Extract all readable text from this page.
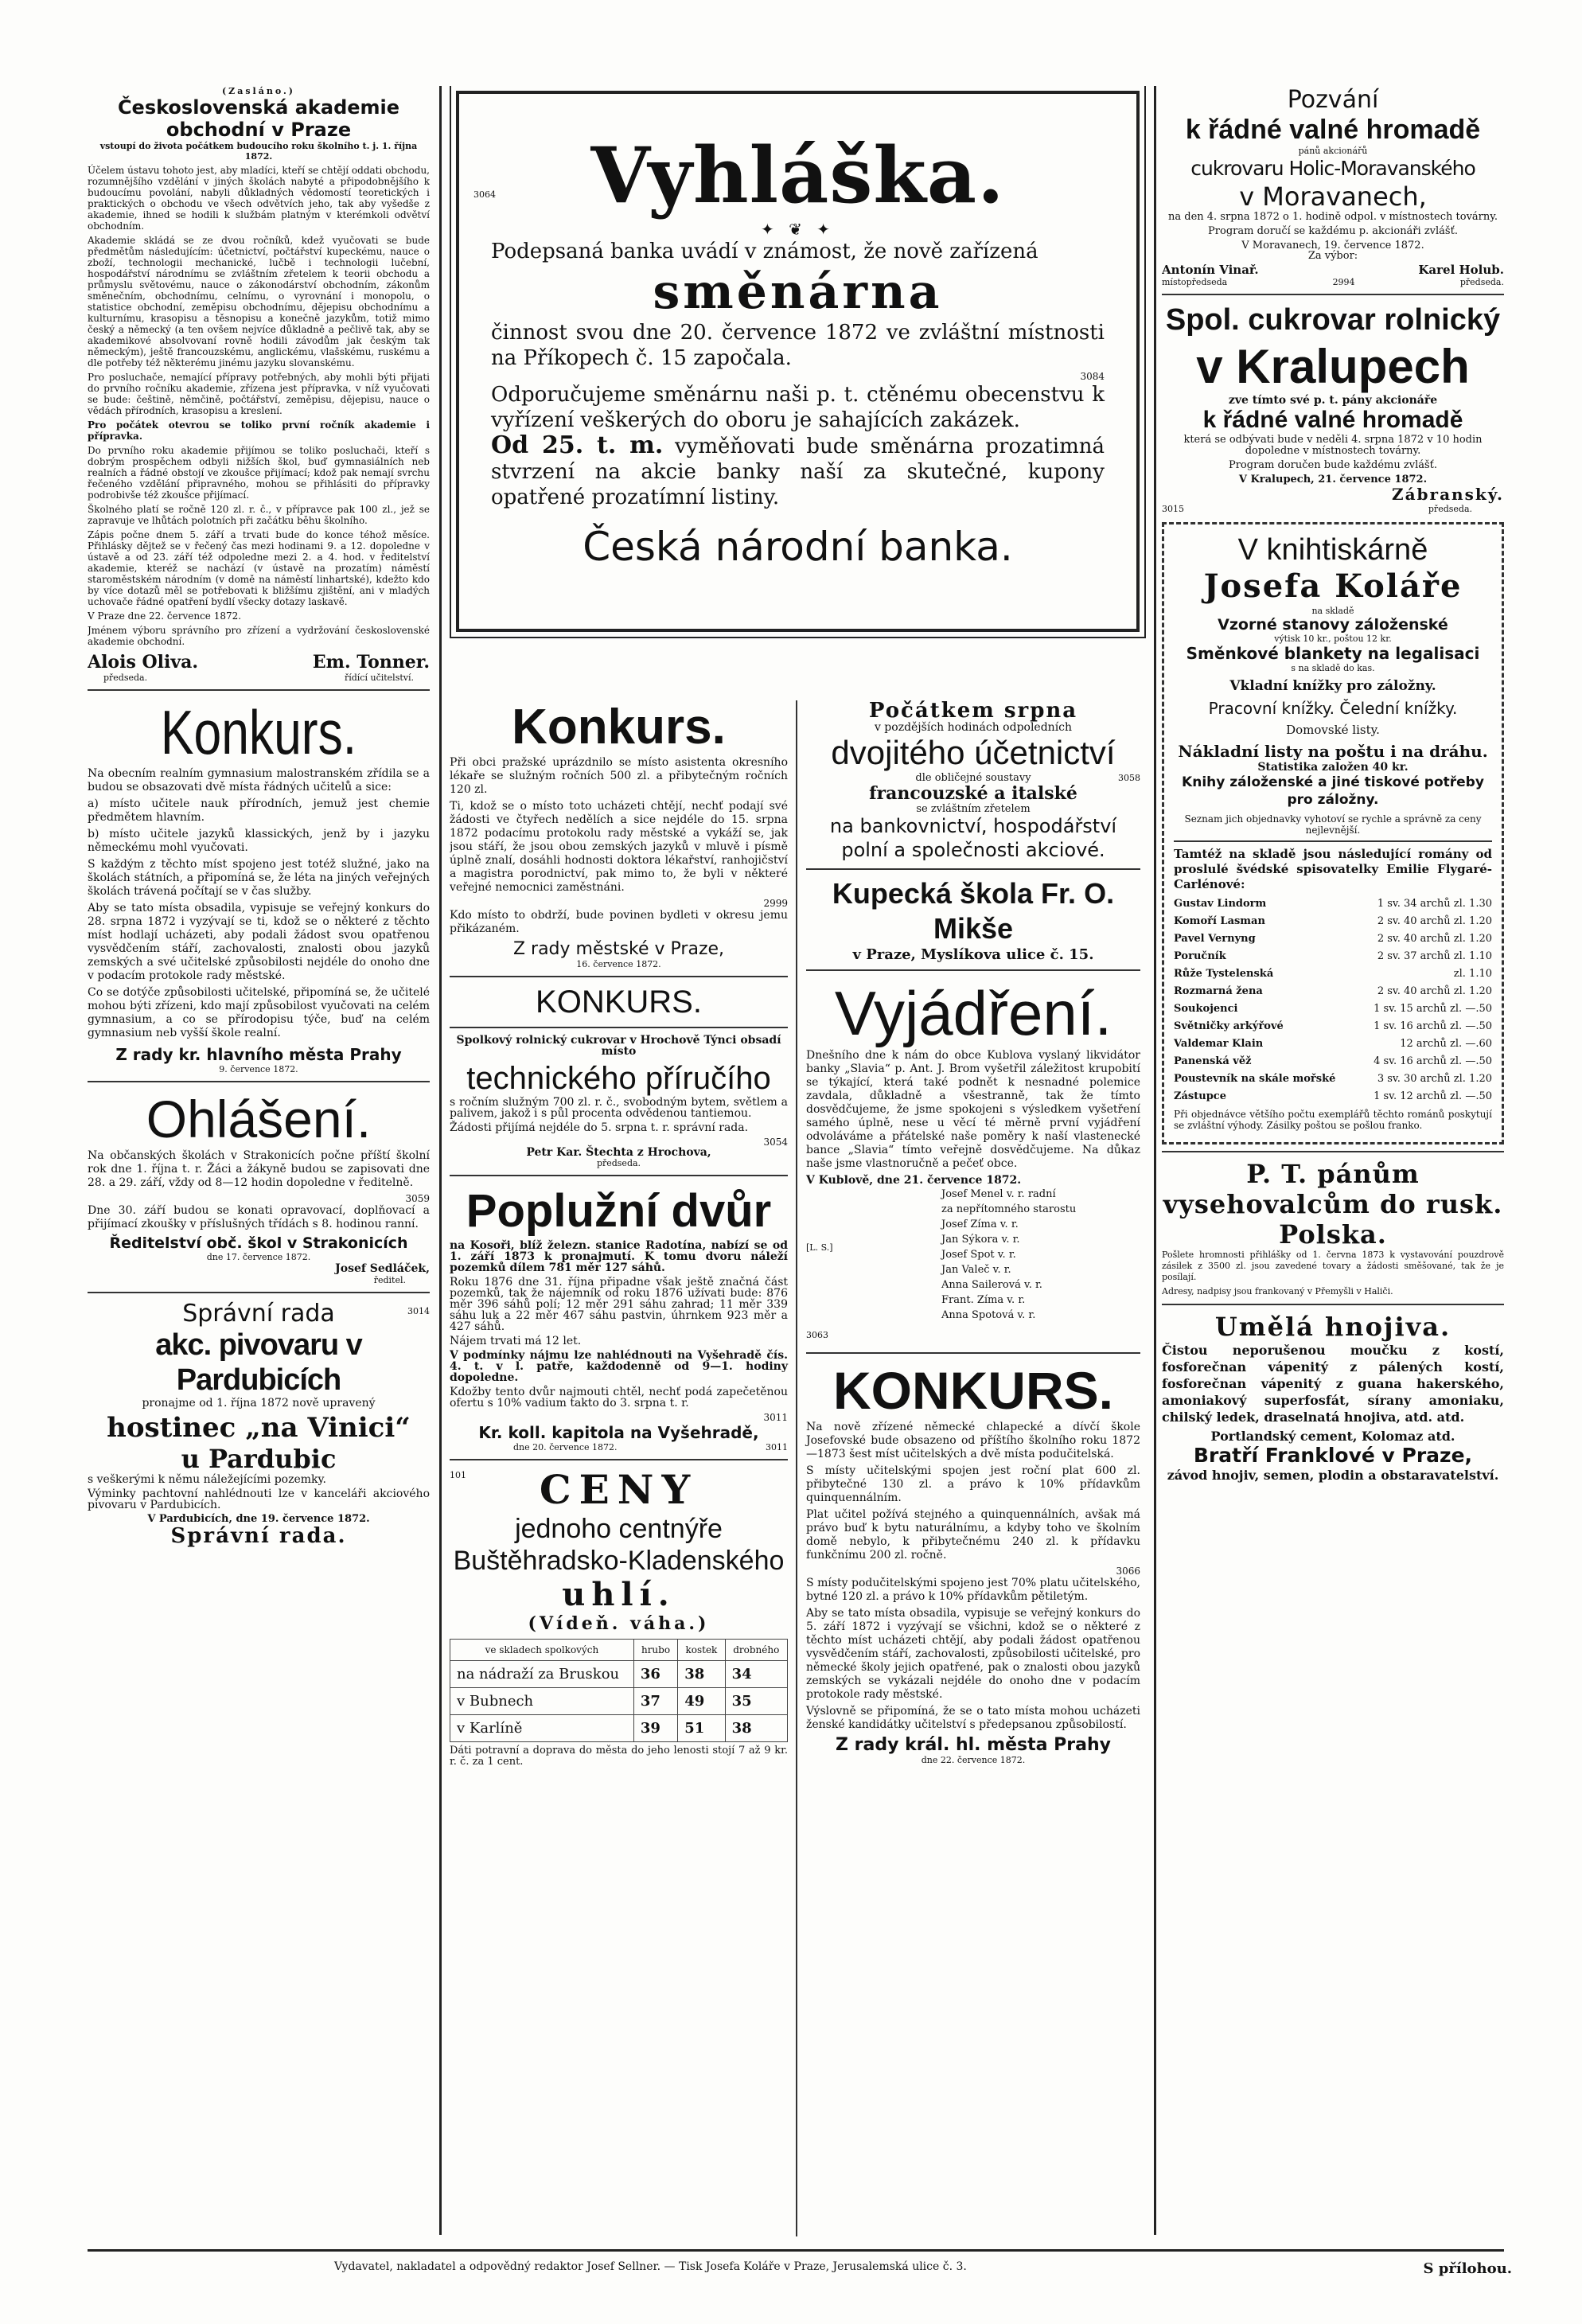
(Zasláno.)
Československá akademie obchodní v Praze
vstoupí do života počátkem budoucího roku školního t. j. 1. října 1872.

Účelem ústavu tohoto jest, aby mladíci, kteří se chtějí oddati obchodu, rozumnějšího vzdělání v jiných školách nabyté a připodobnějšího k budoucímu povolání, nabyli důkladných vědomostí teoretických i praktických o obchodu ve všech odvětvích jeho, tak aby vyšedše z akademie, ihned se hodili k službám platným v kterémkoli odvětví obchodním.

Akademie skládá se ze dvou ročníků, kdež vyučovati se bude předmětům následujícím: účetnictví, počtářství kupeckému, nauce o zboží, technologii mechanické, lučbě i technologii lučební, hospodářství národnímu se zvláštním zřetelem k teorii obchodu a průmyslu světovému, nauce o zákonodárství obchodním, zákonům směnečním, obchodnímu, celnímu, o vyrovnání i monopolu, o statistice obchodní, zeměpisu obchodnímu, dějepisu obchodnímu a kulturnímu, krasopisu a těsnopisu a konečně jazykům, totiž mimo český a německý (a ten ovšem nejvíce důkladně a pečlivě tak, aby se akademikové absolvovaní rovně hodili závodům jak českým tak německým), ještě francouzskému, anglickému, vlašskému, ruskému a dle potřeby též některému jinému jazyku slovanskému.

Pro posluchače, nemající přípravy potřebných, aby mohli býti přijati do prvního ročníku akademie, zřízena jest přípravka, v níž vyučovati se bude: češtině, němčině, počtářství, zeměpisu, dějepisu, nauce o vědách přírodních, krasopisu a kreslení.

Pro počátek otevrou se toliko první ročník akademie i přípravka.

Do prvního roku akademie přijímou se toliko posluchači, kteří s dobrým prospěchem odbyli nižších škol, buď gymnasiálních neb realních a řádné obstojí ve zkoušce přijímací; kdož pak nemají svrchu řečeného vzdělání připravného, mohou se přihlásiti do přípravky podrobivše též zkoušce přijímací.

Školného platí se ročně 120 zl. r. č., v přípravce pak 100 zl., jež se zapravuje ve lhůtách polotních při začátku běhu školního.

Zápis počne dnem 5. září a trvati bude do konce téhož měsíce. Přihlásky dějtež se v řečený čas mezi hodinami 9. a 12. dopoledne v ústavě a od 23. září též odpoledne mezi 2. a 4. hod. v ředitelství akademie, kteréž se nachází (v ústavě na prozatím) náměstí staroměstském národním (v domě na náměstí linhartské), kdežto kdo by více dotazů měl se potřebovati k bližšímu zjištění, ani v mladých uchovače řádné opatření bydlí všecky dotazy laskavě.

V Praze dne 22. července 1872.

Jménem výboru správního pro zřízení a vydržování československé akademie obchodní.

Alois Oliva.	Em. Tonner.
předseda.	řídící učitelství.
Konkurs.

Na obecním realním gymnasium malostranském zřídila se a budou se obsazovati dvě místa řádných učitelů a sice:

a) místo učitele nauk přírodních, jemuž jest chemie předmětem hlavním.

b) místo učitele jazyků klassických, jenž by i jazyku německému mohl vyučovati.

S každým z těchto míst spojeno jest totéž služné, jako na školách státních, a připomíná se, že léta na jiných veřejných školách trávená počítají se v čas služby.

Aby se tato místa obsadila, vypisuje se veřejný konkurs do 28. srpna 1872 i vyzývají se ti, kdož se o některé z těchto míst hodlají ucházeti, aby podali žádost svou opatřenou vysvědčením stáří, zachovalosti, znalosti obou jazyků zemských a své učitelské způsobilosti nejdéle do onoho dne v podacím protokole rady městské.

Co se dotýče způsobilosti učitelské, připomíná se, že učitelé mohou býti zřízeni, kdo mají způsobilost vyučovati na celém gymnasium, a co se přírodopisu týče, buď na celém gymnasium neb vyšší škole realní.

Z rady kr. hlavního města Prahy
9. července 1872.
Ohlášení.

Na občanských školách v Strakonicích počne příští školní rok dne 1. října t. r. Žáci a žákyně budou se zapisovati dne 28. a 29. září, vždy od 8—12 hodin dopoledne v ředitelně.

3059

Dne 30. září budou se konati opravovací, doplňovací a přijímací zkoušky v příslušných třídách s 8. hodinou ranní.

Ředitelství obč. škol v Strakonicích
dne 17. července 1872.
Josef Sedláček,
ředitel.
Správní rada	3014
akc. pivovaru v Pardubicích
pronajme od 1. října 1872 nově upravený
hostinec „na Vinici“
u Pardubic

s veškerými k němu náležejícími pozemky.

Výminky pachtovní nahlédnouti lze v kanceláři akciového pivovaru v Pardubicích.

V Pardubicích, dne 19. července 1872.
Správní rada.
3064	Vyhláška.
✦ ❦ ✦

Podepsaná banka uvádí v známost, že nově zařízená

směnárna

činnost svou dne 20. července 1872 ve zvláštní místnosti na Příkopech č. 15 započala.

3084

Odporučujeme směnárnu naši p. t. ctěnému obecenstvu k vyřízení veškerých do oboru je sahajících zakázek.

Od 25. t. m. vyměňovati bude směnárna prozatimná stvrzení na akcie banky naší za skutečné, kupony opatřené prozatímní listiny.

Česká národní banka.
Konkurs.

Při obci pražské uprázdnilo se místo asistenta okresního lékaře se služným ročních 500 zl. a přibytečným ročních 120 zl.

Ti, kdož se o místo toto ucházeti chtějí, nechť podají své žádosti ve čtyřech nedělích a sice nejdéle do 15. srpna 1872 podacímu protokolu rady městské a vykáží se, jak jsou stáří, že jsou obou zemských jazyků v mluvě i písmě úplně znalí, dosáhli hodnosti doktora lékařství, ranhojičství a magistra porodnictví, pak mimo to, že byli v některé veřejné nemocnici zaměstnáni.

2999

Kdo místo to obdrží, bude povinen bydleti v okresu jemu přikázaném.

Z rady městské v Praze,
16. července 1872.
KONKURS.

Spolkový rolnický cukrovar v Hrochově Týnci obsadí místo

technického příručího

s ročním služným 700 zl. r. č., svobodným bytem, světlem a palivem, jakož i s půl procenta odvědenou tantiemou.

Žádosti přijímá nejdéle do 5. srpna t. r. správní rada.

3054

Petr Kar. Štechta z Hrochova,
předseda.
Poplužní dvůr

na Kosoři, blíž železn. stanice Radotína, nabízí se od 1. září 1873 k pronajmutí. K tomu dvoru náleží pozemků dílem 781 měr 127 sáhů.

Roku 1876 dne 31. října připadne však ještě značná část pozemků, tak že nájemník od roku 1876 užívati bude: 876 měr 396 sáhů polí; 12 měr 291 sáhu zahrad; 11 měr 339 sáhu luk a 22 měr 467 sáhu pastvin, úhrnkem 923 měr a 427 sáhů.

Nájem trvati má 12 let.

V podmínky nájmu lze nahlédnouti na Vyšehradě čís. 4. t. v l. patře, každodenně od 9—1. hodiny dopoledne.

Kdožby tento dvůr najmouti chtěl, nechť podá zapečetěnou ofertu s 10% vadium takto do 3. srpna t. r.

3011

Kr. koll. kapitola na Vyšehradě,
dne 20. července 1872.	3011
101	CENY
jednoho centnýře Buštěhradsko-Kladenského
uhlí.
(Vídeň. váha.)
ve skladech spolkových	hrubo	kostek	drobného
na nádraží za Bruskou	36	38	34
v Bubnech	37	49	35
v Karlíně	39	51	38

Dáti potravní a doprava do města do jeho lenosti stojí 7 až 9 kr. r. č. za 1 cent.

Počátkem srpna
v pozdějších hodinách odpoledních
dvojitého účetnictví
dle obličejné soustavy	3058
francouzské a italské
se zvláštním zřetelem
na bankovnictví, hospodářství polní a společnosti akciové.
Kupecká škola Fr. O. Mikše
v Praze, Myslíkova ulice č. 15.
Vyjádření.

Dnešního dne k nám do obce Kublova vyslaný likvidátor banky „Slavia“ p. Ant. J. Brom vyšetřil záležitost krupobití se týkající, která také podnět k nesnadné polemice zavdala, důkladně a všestranně, tak že tímto dosvědčujeme, že jsme spokojeni s výsledkem vyšetření samého úplně, nese u věcí té měrně první vyjádření odvoláváme a přátelské naše poměry k naší vlastenecké bance „Slavia“ tímto veřejně dosvědčujeme. Na důkaz naše jsme vlastnoručně a pečeť obce.

V Kublově, dne 21. července 1872.
[L. S.]
3063
Josef Menel v. r. radní
za nepřítomného starostu
Josef Zíma v. r.
Jan Sýkora v. r.
Josef Spot v. r.
Jan Valeč v. r.
Anna Sailerová v. r.
Frant. Zíma v. r.
Anna Spotová v. r.
KONKURS.

Na nově zřízené německé chlapecké a dívčí škole Josefovské bude obsazeno od příštího školního roku 1872—1873 šest míst učitelských a dvě místa podučitelská.

S místy učitelskými spojen jest roční plat 600 zl. přibytečné 130 zl. a právo k 10% přídavkům quinquennálním.

Plat učitel požívá stejného a quinquennálních, avšak má právo buď k bytu naturálnímu, a kdyby toho ve školním domě nebylo, k přibytečnému 240 zl. k přídavku funkčnímu 200 zl. ročně.

3066

S místy podučitelskými spojeno jest 70% platu učitelského, bytné 120 zl. a právo k 10% přídavkům pětiletým.

Aby se tato místa obsadila, vypisuje se veřejný konkurs do 5. září 1872 i vyzývají se všichni, kdož se o některé z těchto míst ucházeti chtějí, aby podali žádost opatřenou vysvědčením stáří, zachovalosti, způsobilosti učitelské, pro německé školy jejich opatřené, pak o znalosti obou jazyků zemských se vykázali nejdéle do onoho dne v podacím protokole rady městské.

Výslovně se připomíná, že se o tato místa mohou ucházeti ženské kandidátky učitelství s předepsanou způsobilostí.

Z rady král. hl. města Prahy
dne 22. července 1872.
Pozvání
k řádné valné hromadě
pánů akcionářů
cukrovaru Holic-Moravanského
v Moravanech,

na den 4. srpna 1872 o 1. hodině odpol. v místnostech továrny.

Program doručí se každému p. akcionáři zvlášť.

V Moravanech, 19. července 1872.
Za výbor:
Antonín Vinař.	Karel Holub.
místopředseda	2994	předseda.
Spol. cukrovar rolnický
v Kralupech
zve tímto své p. t. pány akcionáře
k řádné valné hromadě

která se odbývati bude v neděli 4. srpna 1872 v 10 hodin dopoledne v místnostech továrny.

Program doručen bude každému zvlášť.

V Kralupech, 21. července 1872.
Zábranský.
3015	předseda.
V knihtiskárně
Josefa Koláře
na skladě
Vzorné stanovy záloženské
výtisk 10 kr., poštou 12 kr.
Směnkové blankety na legalisaci
s na skladě do kas.
Vkladní knížky pro záložny.
Pracovní knížky. Čelední knížky.
Domovské listy.
Nákladní listy na poštu i na dráhu.
Statistika založen 40 kr.
Knihy záloženské a jiné tiskové potřeby pro záložny.

Seznam jich objednavky vyhotoví se rychle a správně za ceny nejlevnější.

Tamtéž na skladě jsou následující romány od proslulé švédské spisovatelky Emilie Flygaré-Carlénové:

Gustav Lindorm	1 sv. 34 archů zl. 1.30
Komoří Lasman	2 sv. 40 archů zl. 1.20
Pavel Vernyng	2 sv. 40 archů zl. 1.20
Poručník	2 sv. 37 archů zl. 1.10
Růže Tystelenská	zl. 1.10
Rozmarná žena	2 sv. 40 archů zl. 1.20
Soukojenci	1 sv. 15 archů zl. —.50
Světničky arkýřové	1 sv. 16 archů zl. —.50
Valdemar Klain	12 archů zl. —.60
Panenská věž	4 sv. 16 archů zl. —.50
Poustevník na skále mořské	3 sv. 30 archů zl. 1.20
Zástupce	1 sv. 12 archů zl. —.50

Při objednávce většího počtu exemplářů těchto románů poskytují se zvláštní výhody. Zásilky poštou se pošlou franko.

P. T. pánům vysehovalcům do rusk. Polska.

Pošlete hromnosti přihlášky od 1. června 1873 k vystavování pouzdrově zásilek z 3500 zl. jsou zavedené tovary a žádosti směšované, tak že je posílají.

Adresy, nadpisy jsou frankovaný v Přemyšli v Haliči.

Umělá hnojiva.

Čistou neporušenou moučku z kostí, fosforečnan vápenitý z pálených kostí, fosforečnan vápenitý z guana hakerského, amoniakový superfosfát, sírany amoniaku, chilský ledek, draselnatá hnojiva, atd. atd.

Portlandský cement, Kolomaz atd.
Bratří Franklové v Praze,
závod hnojiv, semen, plodin a obstaravatelství.
Vydavatel, nakladatel a odpovědný redaktor Josef Sellner. — Tisk Josefa Koláře v Praze, Jerusalemská ulice č. 3.	S přílohou.
